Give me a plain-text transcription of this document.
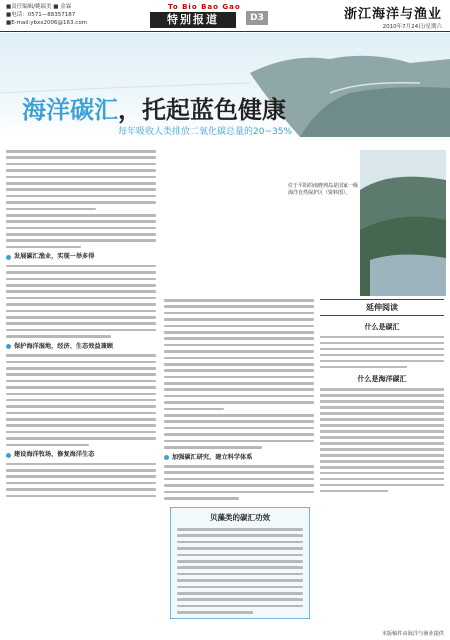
■责任编辑/姚瑞美 ■ 金霖
■电话：0571—88357187
■E-mail:ybxx2006@163.com
To Bio Bao Gao
特别报道	D3	浙江海洋与渔业
2010年7月24日/星期六
海洋碳汇，托起蓝色健康
每年吸收人类排放二氧化碳总量的20~35%
位于平阳的南麂列岛是国家一级海洋自然保护区（资料图）。
发展碳汇渔业，实现一举多得
保护海洋湿地，经济、生态效益兼顾
建设海洋牧场，修复海洋生态	加强碳汇研究，建立科学体系
贝藻类的碳汇功效
延伸阅读
什么是碳汇
什么是海洋碳汇
本版稿件由海洋与渔业提供
